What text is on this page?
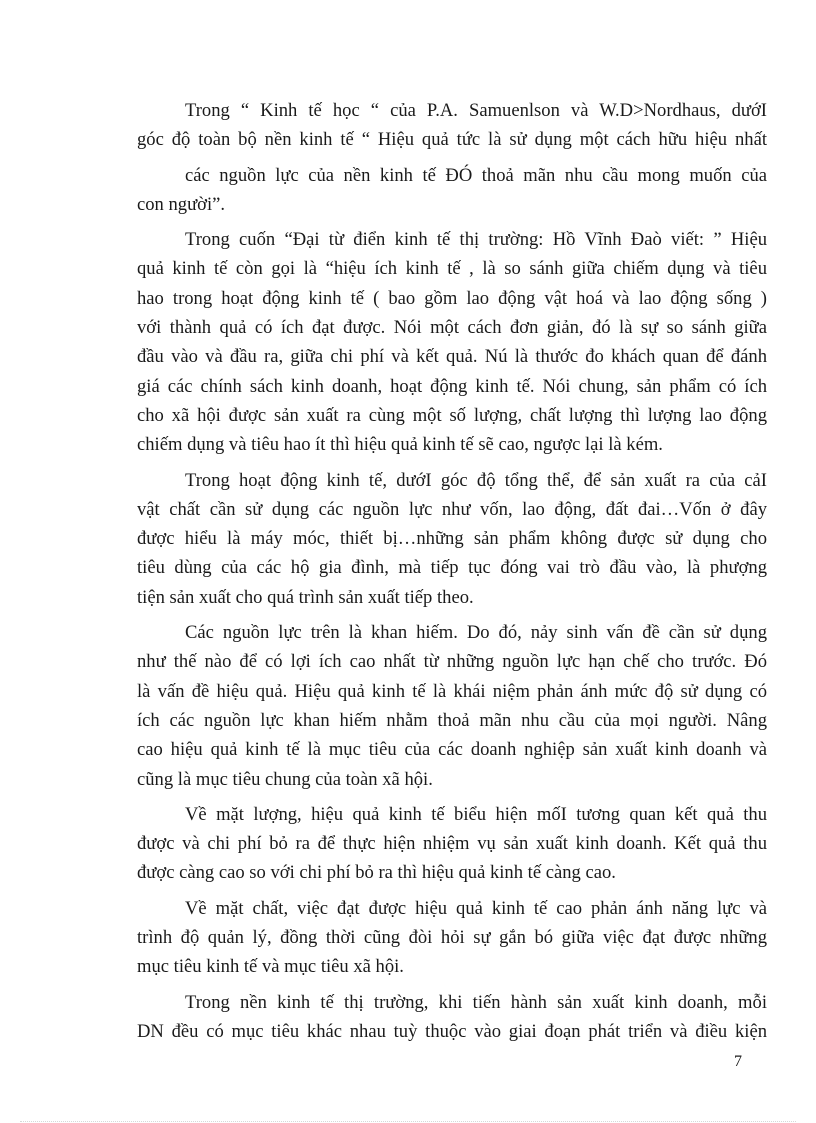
Trong “ Kinh tế học “ của P.A. Samuenlson và W.D>Nordhaus, dướI
góc độ toàn bộ nền kinh tế “ Hiệu quả tức là sử dụng một cách hữu hiệu nhất
các nguồn lực của nền kinh tế ĐÓ thoả mãn nhu cầu mong muốn của
con người”.

Trong cuốn “Đại từ điển kinh tế thị trường: Hồ Vĩnh Đaò viết: ” Hiệu
quả kinh tế còn gọi là “hiệu ích kinh tế , là so sánh giữa chiếm dụng và tiêu
hao trong hoạt động kinh tế ( bao gồm lao động vật hoá và lao động sống )
với thành quả có ích đạt được. Nói một cách đơn giản, đó là sự so sánh giữa
đầu vào và đầu ra, giữa chi phí và kết quả. Nú là thước đo khách quan để đánh
giá các chính sách kinh doanh, hoạt động kinh tế. Nói chung, sản phẩm có ích
cho xã hội được sản xuất ra cùng một số lượng, chất lượng thì lượng lao động
chiếm dụng và tiêu hao ít thì hiệu quả kinh tế sẽ cao, ngược lại là kém.

Trong hoạt động kinh tế, dướI góc độ tổng thể, để sản xuất ra của cảI
vật chất cần sử dụng các nguồn lực như vốn, lao động, đất đai…Vốn ở đây
được hiểu là máy móc, thiết bị…những sản phẩm không được sử dụng cho
tiêu dùng của các hộ gia đình, mà tiếp tục đóng vai trò đầu vào, là phượng
tiện sản xuất cho quá trình sản xuất tiếp theo.

Các nguồn lực trên là khan hiếm. Do đó, nảy sinh vấn đề cần sử dụng
như thế nào để có lợi ích cao nhất từ những nguồn lực hạn chế cho trước. Đó
là vấn đề hiệu quả. Hiệu quả kinh tế là khái niệm phản ánh mức độ sử dụng có
ích các nguồn lực khan hiếm nhằm thoả mãn nhu cầu của mọi người. Nâng
cao hiệu quả kinh tế là mục tiêu của các doanh nghiệp sản xuất kinh doanh và
cũng là mục tiêu chung của toàn xã hội.

Về mặt lượng, hiệu quả kinh tế biểu hiện mốI tương quan kết quả thu
được và chi phí bỏ ra để thực hiện nhiệm vụ sản xuất kinh doanh. Kết quả thu
được càng cao so với chi phí bỏ ra thì hiệu quả kinh tế càng cao.

Về mặt chất, việc đạt được hiệu quả kinh tế cao phản ánh năng lực và
trình độ quản lý, đồng thời cũng đòi hỏi sự gắn bó giữa việc đạt được những
mục tiêu kinh tế và mục tiêu xã hội.

Trong nền kinh tế thị trường, khi tiến hành sản xuất kinh doanh, mỗi
DN đều có mục tiêu khác nhau tuỳ thuộc vào giai đoạn phát triển và điều kiện

7
